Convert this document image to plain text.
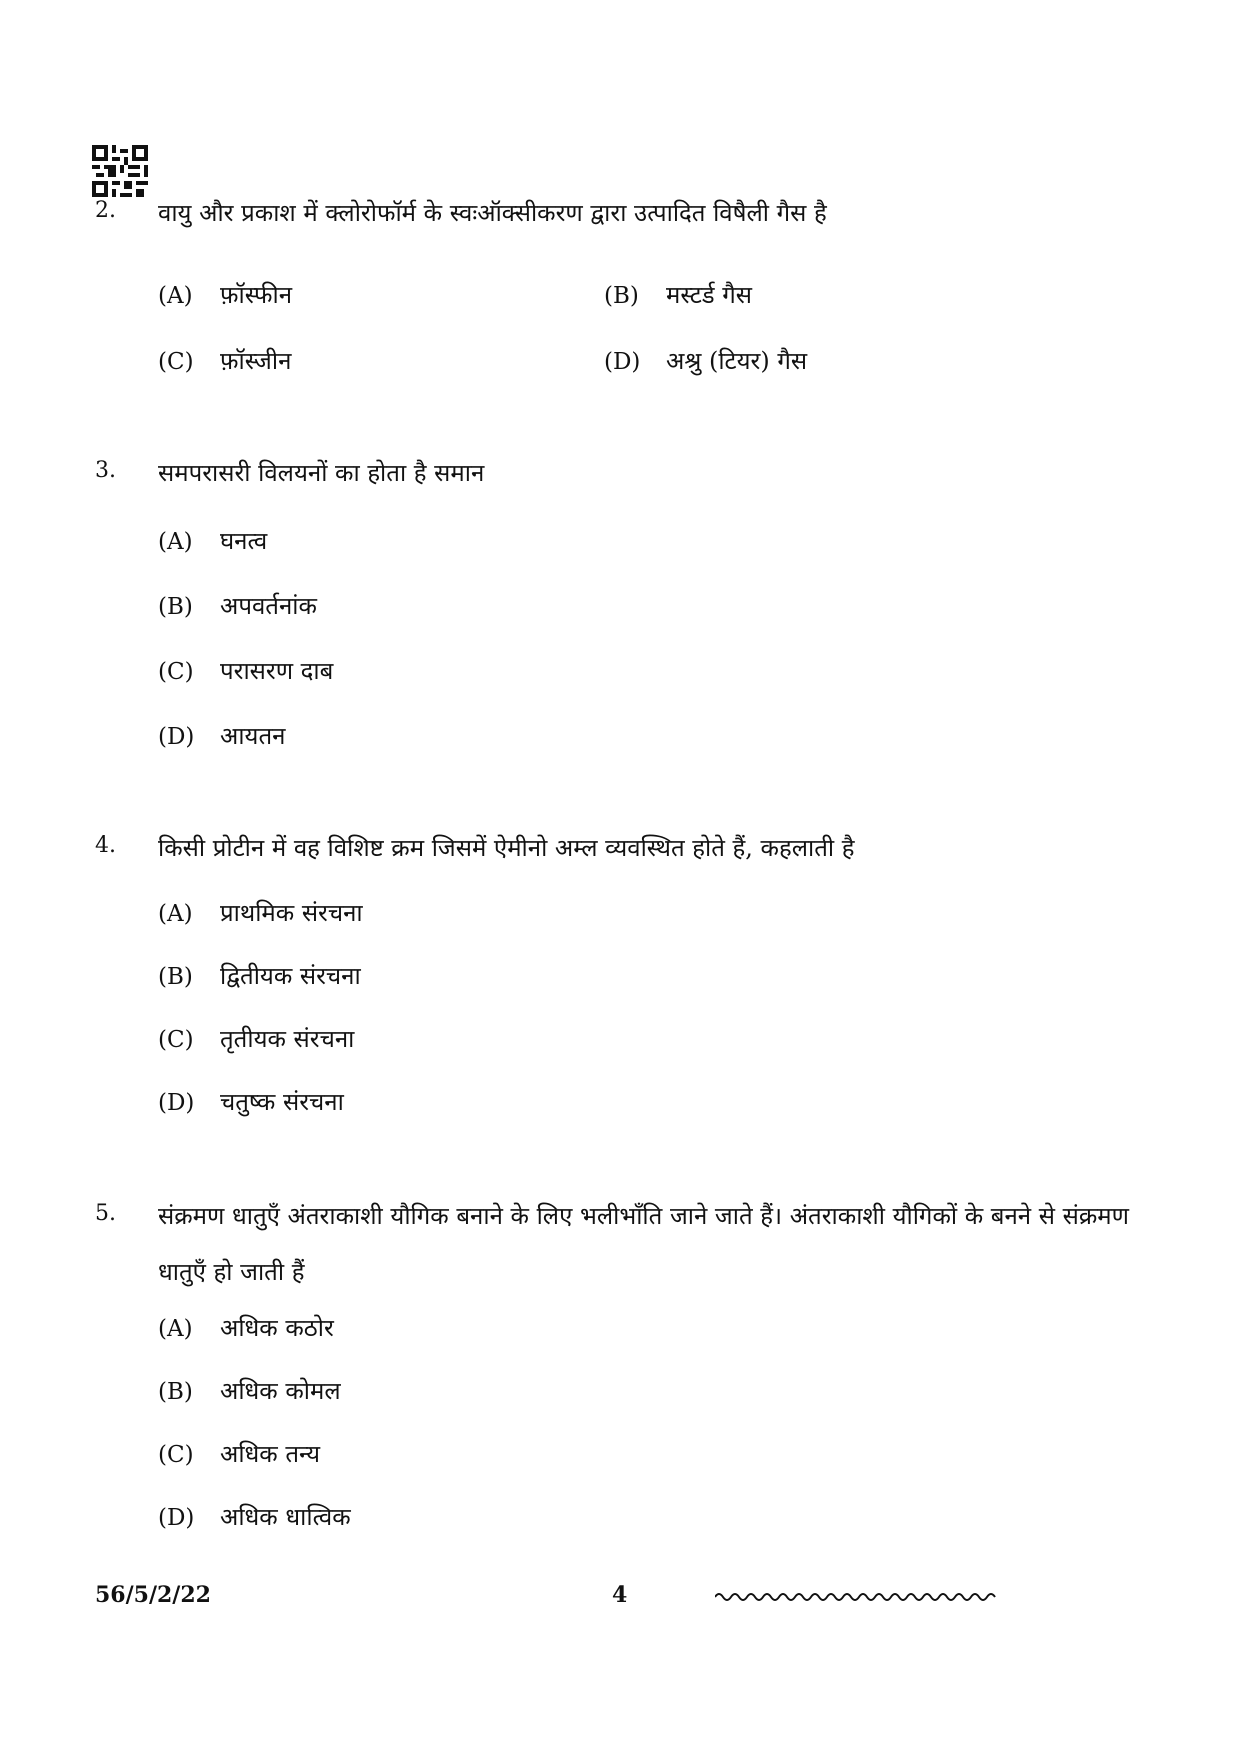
2. वायु और प्रकाश में क्लोरोफॉर्म के स्वःऑक्सीकरण द्वारा उत्पादित विषैली गैस है
(A) फ़ॉस्फीन	(B) मस्टर्ड गैस
(C) फ़ॉस्जीन	(D) अश्रु (टियर) गैस
3. समपरासरी विलयनों का होता है समान
(A) घनत्व
(B) अपवर्तनांक
(C) परासरण दाब
(D) आयतन
4. किसी प्रोटीन में वह विशिष्ट क्रम जिसमें ऐमीनो अम्ल व्यवस्थित होते हैं, कहलाती है
(A) प्राथमिक संरचना
(B) द्वितीयक संरचना
(C) तृतीयक संरचना
(D) चतुष्क संरचना
5. संक्रमण धातुएँ अंतराकाशी यौगिक बनाने के लिए भलीभाँति जाने जाते हैं। अंतराकाशी यौगिकों के बनने से संक्रमण धातुएँ हो जाती हैं
(A) अधिक कठोर
(B) अधिक कोमल
(C) अधिक तन्य
(D) अधिक धात्विक
56/5/2/22	4
